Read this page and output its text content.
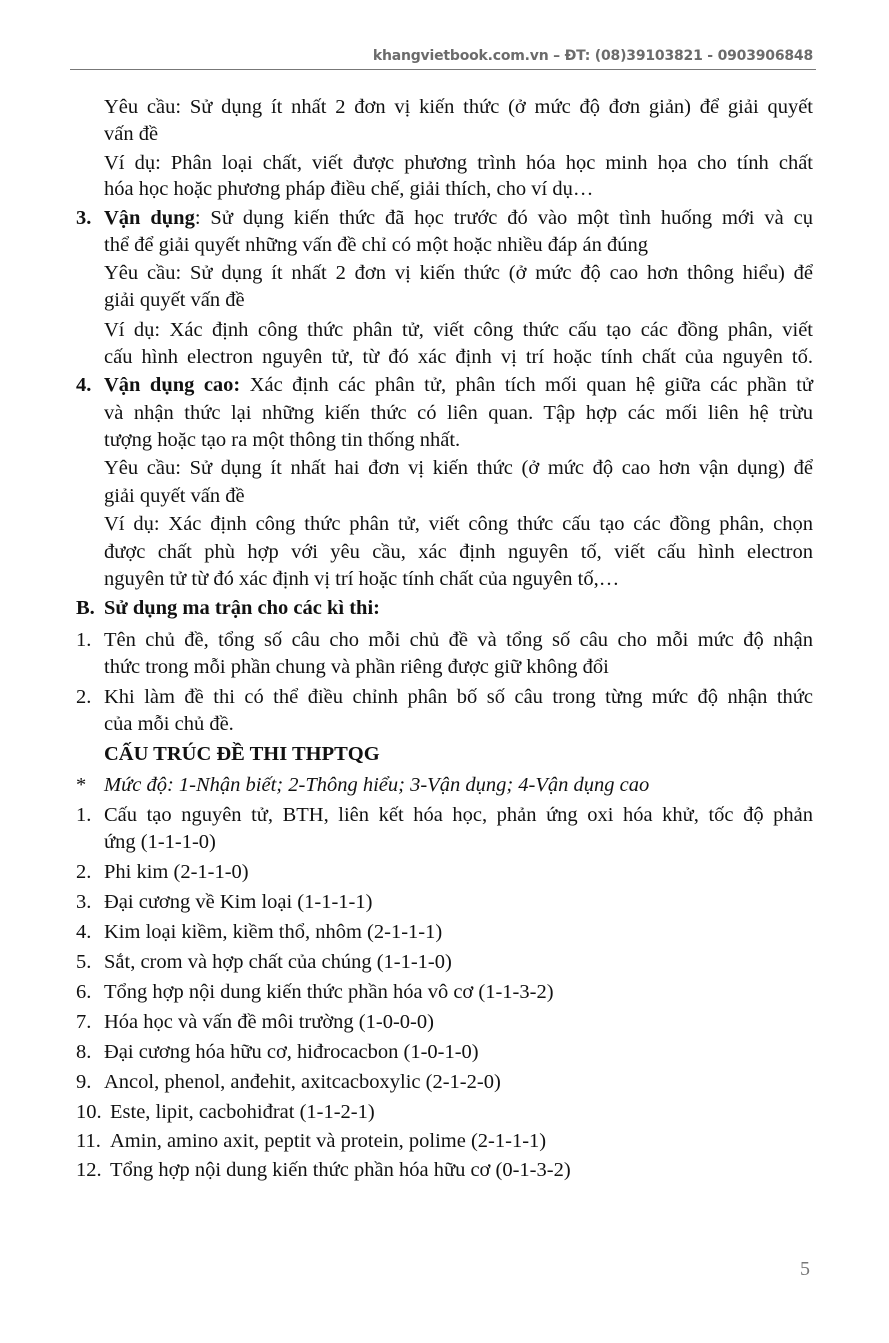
khangvietbook.com.vn – ĐT: (08)39103821 - 0903906848
Yêu cầu: Sử dụng ít nhất 2 đơn vị kiến thức (ở mức độ đơn giản) để giải quyết
vấn đề
Ví dụ: Phân loại chất, viết được phương trình hóa học minh họa cho tính chất
hóa học hoặc phương pháp điều chế, giải thích, cho ví dụ…
3. Vận dụng: Sử dụng kiến thức đã học trước đó vào một tình huống mới và cụ
thể để giải quyết những vấn đề chỉ có một hoặc nhiều đáp án đúng
Yêu cầu: Sử dụng ít nhất 2 đơn vị kiến thức (ở mức độ cao hơn thông hiểu) để
giải quyết vấn đề
Ví dụ: Xác định công thức phân tử, viết công thức cấu tạo các đồng phân, viết
cấu hình electron nguyên tử, từ đó xác định vị trí hoặc tính chất của nguyên tố.
4. Vận dụng cao: Xác định các phân tử, phân tích mối quan hệ giữa các phần tử
và nhận thức lại những kiến thức có liên quan. Tập hợp các mối liên hệ trừu
tượng hoặc tạo ra một thông tin thống nhất.
Yêu cầu: Sử dụng ít nhất hai đơn vị kiến thức (ở mức độ cao hơn vận dụng) để
giải quyết vấn đề
Ví dụ: Xác định công thức phân tử, viết công thức cấu tạo các đồng phân, chọn
được chất phù hợp với yêu cầu, xác định nguyên tố, viết cấu hình electron
nguyên tử từ đó xác định vị trí hoặc tính chất của nguyên tố,…
B. Sử dụng ma trận cho các kì thi:
1. Tên chủ đề, tổng số câu cho mỗi chủ đề và tổng số câu cho mỗi mức độ nhận
thức trong mỗi phần chung và phần riêng được giữ không đổi
2. Khi làm đề thi có thể điều chỉnh phân bố số câu trong từng mức độ nhận thức
của mỗi chủ đề.
CẤU TRÚC ĐỀ THI THPTQG
* Mức độ: 1-Nhận biết; 2-Thông hiểu; 3-Vận dụng; 4-Vận dụng cao
1. Cấu tạo nguyên tử, BTH, liên kết hóa học, phản ứng oxi hóa khử, tốc độ phản
ứng (1-1-1-0)
2. Phi kim (2-1-1-0)
3. Đại cương về Kim loại (1-1-1-1)
4. Kim loại kiềm, kiềm thổ, nhôm (2-1-1-1)
5. Sắt, crom và hợp chất của chúng (1-1-1-0)
6. Tổng hợp nội dung kiến thức phần hóa vô cơ (1-1-3-2)
7. Hóa học và vấn đề môi trường (1-0-0-0)
8. Đại cương hóa hữu cơ, hiđrocacbon (1-0-1-0)
9. Ancol, phenol, anđehit, axitcacboxylic (2-1-2-0)
10. Este, lipit, cacbohiđrat (1-1-2-1)
11. Amin, amino axit, peptit và protein, polime (2-1-1-1)
12. Tổng hợp nội dung kiến thức phần hóa hữu cơ (0-1-3-2)
5
